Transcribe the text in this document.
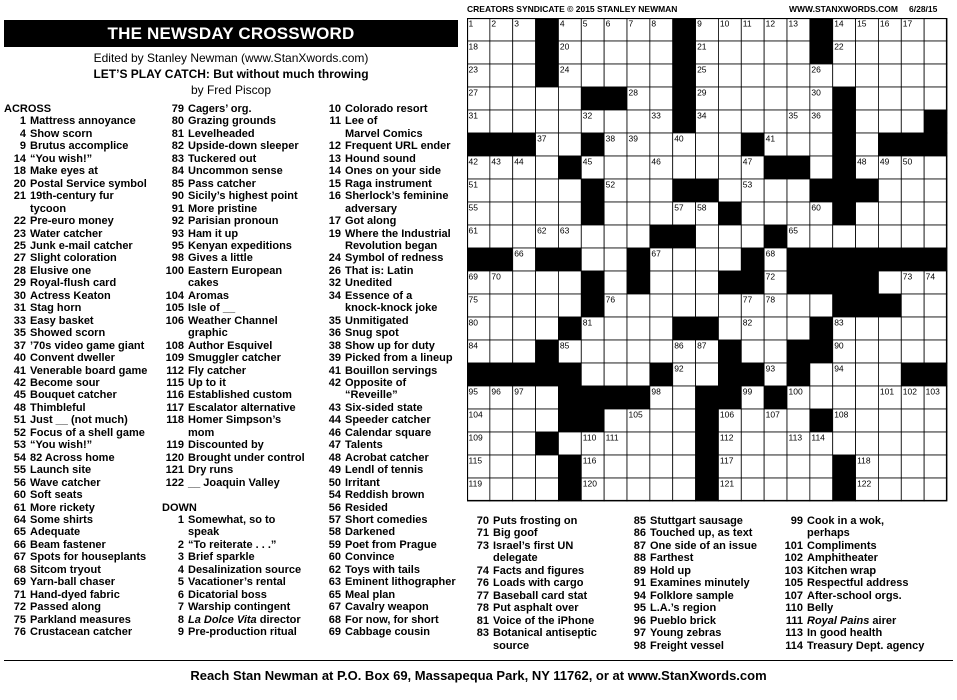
THE NEWSDAY CROSSWORD
Edited by Stanley Newman (www.StanXwords.com)
LET’S PLAY CATCH: But without much throwing
by Fred Piscop
CREATORS SYNDICATE © 2015 STANLEY NEWMAN	WWW.STANXWORDS.COM 6/28/15
1 2 3	4 5 6 7 8	9 10 11 12 13	14 15 16 17
18	19 20	21	22
23	24	25	26
27	28	29	30
31	32	33	34	35 36
37	38 39	40	41
42 43 44	45	46	47	48 49 50
51	52	53	54
55	56	57 58 59	60
61	62 63	64	65
66	67	68
69 70	71	72	73 74
75	76	77 78	79
80	81	82	83
84	85	86 87 88	89 90
91	92	93	94
95 96 97	98	99	100	101 102 103
104	105	106	107	108
109	110 111	112	113 114
115	116	117	118
119	120	121	122
ACROSS
1 Mattress annoyance
4 Show scorn
9 Brutus accomplice
14 “You wish!”
18 Make eyes at
20 Postal Service symbol
21 19th-century fur
tycoon
22 Pre-euro money
23 Water catcher
25 Junk e-mail catcher
27 Slight coloration
28 Elusive one
29 Royal-flush card
30 Actress Keaton
31 Stag horn
33 Easy basket
35 Showed scorn
37 ’70s video game giant
40 Convent dweller
41 Venerable board game
42 Become sour
45 Bouquet catcher
48 Thimbleful
51 Just __ (not much)
52 Focus of a shell game
53 “You wish!”
54 82 Across home
55 Launch site
56 Wave catcher
60 Soft seats
61 More rickety
64 Some shirts
65 Adequate
66 Beam fastener
67 Spots for houseplants
68 Sitcom tryout
69 Yarn-ball chaser
71 Hand-dyed fabric
72 Passed along
75 Parkland measures
76 Crustacean catcher
79 Cagers’ org.
80 Grazing grounds
81 Levelheaded
82 Upside-down sleeper
83 Tuckered out
84 Uncommon sense
85 Pass catcher
90 Sicily’s highest point
91 More pristine
92 Parisian pronoun
93 Ham it up
95 Kenyan expeditions
98 Gives a little
100 Eastern European
cakes
104 Aromas
105 Isle of __
106 Weather Channel
graphic
108 Author Esquivel
109 Smuggler catcher
112 Fly catcher
115 Up to it
116 Established custom
117 Escalator alternative
118 Homer Simpson’s
mom
119 Discounted by
120 Brought under control
121 Dry runs
122 __ Joaquin Valley

DOWN
1 Somewhat, so to
speak
2 “To reiterate . . .”
3 Brief sparkle
4 Desalinization source
5 Vacationer’s rental
6 Dicatorial boss
7 Warship contingent
8 La Dolce Vita director
9 Pre-production ritual
10 Colorado resort
11 Lee of
Marvel Comics
12 Frequent URL ender
13 Hound sound
14 Ones on your side
15 Raga instrument
16 Sherlock’s feminine
adversary
17 Got along
19 Where the Industrial
Revolution began
24 Symbol of redness
26 That is: Latin
32 Unedited
34 Essence of a
knock-knock joke
35 Unmitigated
36 Snug spot
38 Show up for duty
39 Picked from a lineup
41 Bouillon servings
42 Opposite of
“Reveille”
43 Six-sided state
44 Speeder catcher
46 Calendar square
47 Talents
48 Acrobat catcher
49 Lendl of tennis
50 Irritant
54 Reddish brown
56 Resided
57 Short comedies
58 Darkened
59 Poet from Prague
60 Convince
62 Toys with tails
63 Eminent lithographer
65 Meal plan
67 Cavalry weapon
68 For now, for short
69 Cabbage cousin
70 Puts frosting on
71 Big goof
73 Israel’s first UN
delegate
74 Facts and figures
76 Loads with cargo
77 Baseball card stat
78 Put asphalt over
81 Voice of the iPhone
83 Botanical antiseptic
source
85 Stuttgart sausage
86 Touched up, as text
87 One side of an issue
88 Farthest
89 Hold up
91 Examines minutely
94 Folklore sample
95 L.A.’s region
96 Pueblo brick
97 Young zebras
98 Freight vessel
99 Cook in a wok,
perhaps
101 Compliments
102 Amphitheater
103 Kitchen wrap
105 Respectful address
107 After-school orgs.
110 Belly
111 Royal Pains airer
113 In good health
114 Treasury Dept. agency
Reach Stan Newman at P.O. Box 69, Massapequa Park, NY 11762, or at www.StanXwords.com
